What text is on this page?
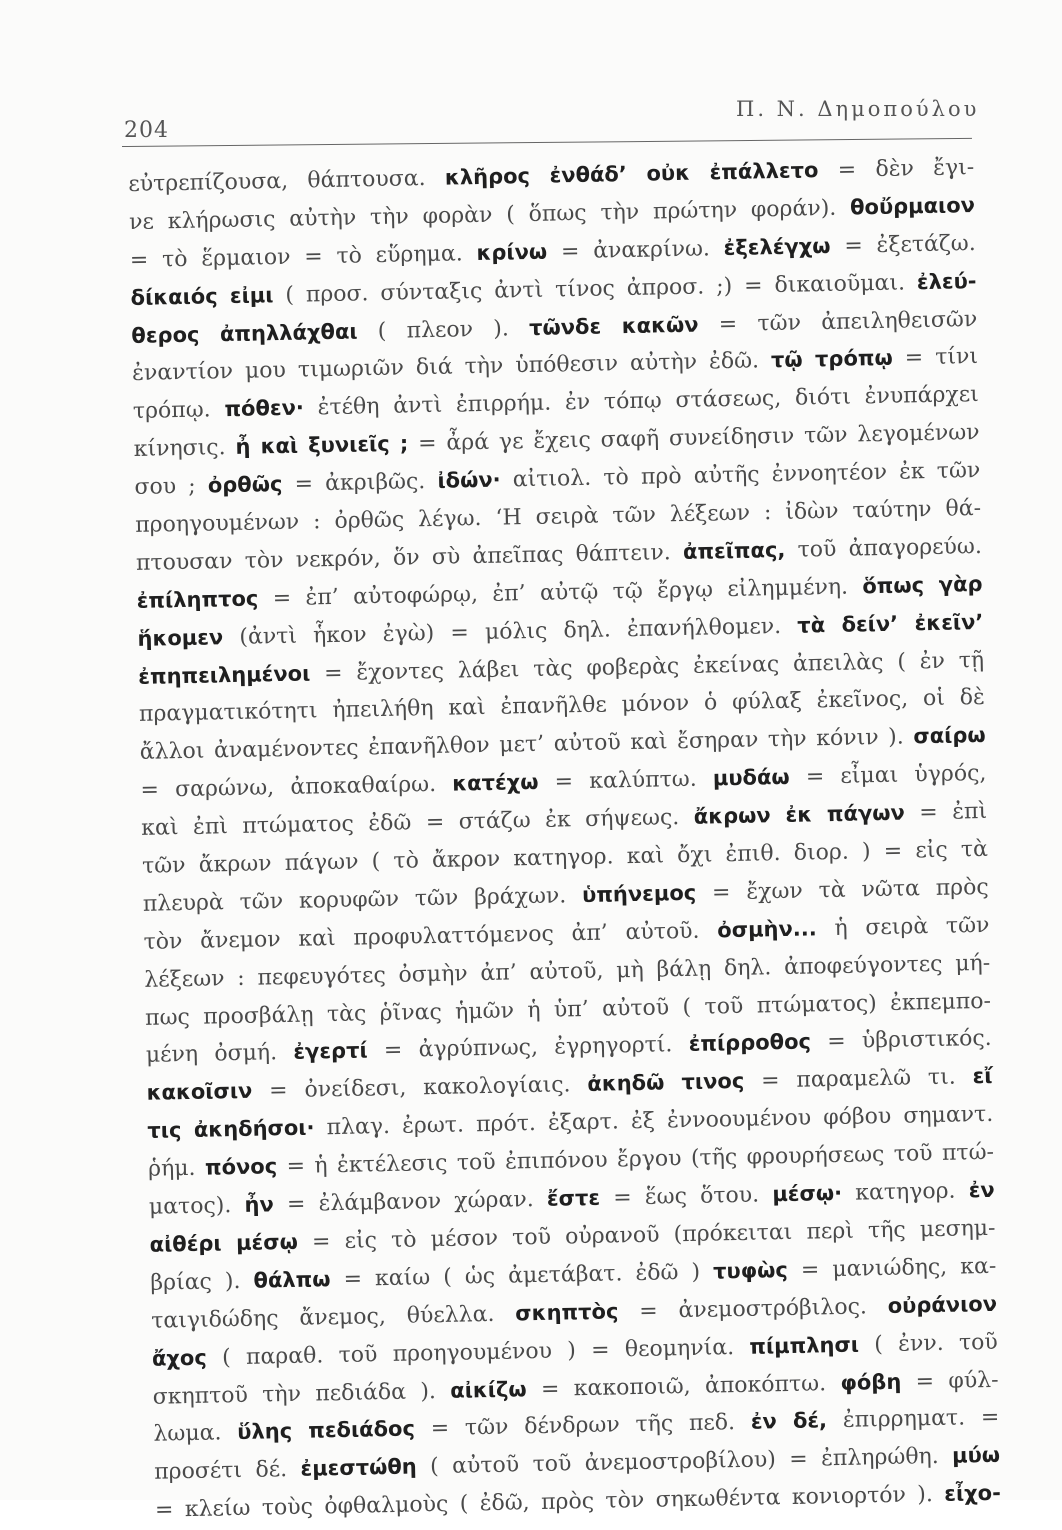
204
Π. Ν. Δημοπούλου
εὐτρεπίζουσα, θάπτουσα. κλῆρος ἐνθάδ’ οὐκ ἐπάλλετο = δὲν ἔγι-
νε κλήρωσις αὐτὴν τὴν φορὰν ( ὅπως τὴν πρώτην φοράν). θοὔρμαιον
= τὸ ἕρμαιον = τὸ εὕρημα. κρίνω = ἀνακρίνω. ἐξελέγχω = ἐξετάζω.
δίκαιός εἰμι ( προσ. σύνταξις ἀντὶ τίνος ἀπροσ. ;) = δικαιοῦμαι. ἐλεύ-
θερος ἀπηλλάχθαι ( πλεον ). τῶνδε κακῶν = τῶν ἀπειληθεισῶν
ἐναντίον μου τιμωριῶν διά τὴν ὑπόθεσιν αὐτὴν ἐδῶ. τῷ τρόπῳ = τίνι
τρόπῳ. πόθεν· ἐτέθη ἀντὶ ἐπιρρήμ. ἐν τόπῳ στάσεως, διότι ἐνυπάρχει
κίνησις. ἦ καὶ ξυνιεῖς ; = ἆρά γε ἔχεις σαφῆ συνείδησιν τῶν λεγομένων
σου ; ὀρθῶς = ἀκριβῶς. ἰδών· αἰτιολ. τὸ πρὸ αὐτῆς ἐννοητέον ἐκ τῶν
προηγουμένων : ὀρθῶς λέγω. ‘Η σειρὰ τῶν λέξεων : ἰδὼν ταύτην θά-
πτουσαν τὸν νεκρόν, ὅν σὺ ἀπεῖπας θάπτειν. ἀπεῖπας, τοῦ ἀπαγορεύω.
ἐπίληπτος = ἐπ’ αὐτοφώρῳ, ἐπ’ αὐτῷ τῷ ἔργῳ εἰλημμένη. ὅπως γὰρ
ἥκομεν (ἀντὶ ἧκον ἐγὼ) = μόλις δηλ. ἐπανήλθομεν. τὰ δείν’ ἐκεῖν’
ἐπηπειλημένοι = ἔχοντες λάβει τὰς φοβερὰς ἐκείνας ἀπειλὰς ( ἐν τῇ
πραγματικότητι ἠπειλήθη καὶ ἐπανῆλθε μόνον ὁ φύλαξ ἐκεῖνος, οἱ δὲ
ἄλλοι ἀναμένοντες ἐπανῆλθον μετ’ αὐτοῦ καὶ ἔσηραν τὴν κόνιν ). σαίρω
= σαρώνω, ἀποκαθαίρω. κατέχω = καλύπτω. μυδάω = εἶμαι ὑγρός,
καὶ ἐπὶ πτώματος ἐδῶ = στάζω ἐκ σήψεως. ἄκρων ἐκ πάγων = ἐπὶ
τῶν ἄκρων πάγων ( τὸ ἄκρον κατηγορ. καὶ ὄχι ἐπιθ. διορ. ) = εἰς τὰ
πλευρὰ τῶν κορυφῶν τῶν βράχων. ὑπήνεμος = ἔχων τὰ νῶτα πρὸς
τὸν ἄνεμον καὶ προφυλαττόμενος ἀπ’ αὐτοῦ. ὀσμὴν... ἡ σειρὰ τῶν
λέξεων : πεφευγότες ὀσμὴν ἀπ’ αὐτοῦ, μὴ βάλῃ δηλ. ἀποφεύγοντες μή-
πως προσβάλῃ τὰς ῥῖνας ἡμῶν ἡ ὑπ’ αὐτοῦ ( τοῦ πτώματος) ἐκπεμπο-
μένη ὀσμή. ἐγερτί = ἀγρύπνως, ἐγρηγορτί. ἐπίρροθος = ὑβριστικός.
κακοῖσιν = ὀνείδεσι, κακολογίαις. ἀκηδῶ τινος = παραμελῶ τι. εἴ
τις ἀκηδήσοι· πλαγ. ἐρωτ. πρότ. ἐξαρτ. ἐξ ἐννοουμένου φόβου σημαντ.
ῥήμ. πόνος = ἡ ἐκτέλεσις τοῦ ἐπιπόνου ἔργου (τῆς φρουρήσεως τοῦ πτώ-
ματος). ἦν = ἐλάμβανον χώραν. ἔστε = ἕως ὅτου. μέσῳ· κατηγορ. ἐν
αἰθέρι μέσῳ = εἰς τὸ μέσον τοῦ οὐρανοῦ (πρόκειται περὶ τῆς μεσημ-
βρίας ). θάλπω = καίω ( ὡς ἀμετάβατ. ἐδῶ ) τυφὼς = μανιώδης, κα-
ταιγιδώδης ἄνεμος, θύελλα. σκηπτὸς = ἀνεμοστρόβιλος. οὐράνιον
ἄχος ( παραθ. τοῦ προηγουμένου ) = θεομηνία. πίμπλησι ( ἐνν. τοῦ
σκηπτοῦ τὴν πεδιάδα ). αἰκίζω = κακοποιῶ, ἀποκόπτω. φόβη = φύλ-
λωμα. ὕλης πεδιάδος = τῶν δένδρων τῆς πεδ. ἐν δέ, ἐπιρρηματ. =
προσέτι δέ. ἐμεστώθη ( αὐτοῦ τοῦ ἀνεμοστροβίλου) = ἐπληρώθη. μύω
= κλείω τοὺς ὀφθαλμοὺς ( ἐδῶ, πρὸς τὸν σηκωθέντα κονιορτόν ). εἶχο-
